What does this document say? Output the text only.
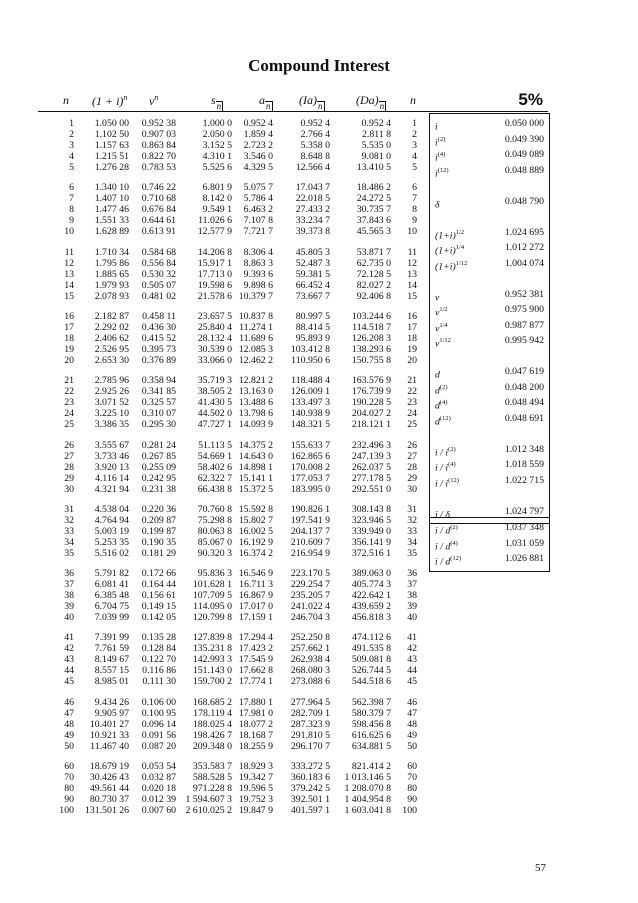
Compound Interest
n $(1 + i)^n$ $v^n$	sn	an (Ia)n	(Da)n n	5%
1 1.050 00 0.952 38	1.000 0 0.952 4	0.952 4	0.952 4 1
2 1.102 50 0.907 03	2.050 0 1.859 4	2.766 4	2.811 8 2
3 1.157 63 0.863 84	3.152 5 2.723 2	5.358 0	5.535 0 3
4 1.215 51 0.822 70	4.310 1 3.546 0	8.648 8	9.081 0 4
5 1.276 28 0.783 53	5.525 6 4.329 5 12.566 4	13.410 5 5
6 1.340 10 0.746 22	6.801 9 5.075 7 17.043 7	18.486 2 6
7 1.407 10 0.710 68	8.142 0 5.786 4 22.018 5	24.272 5 7
8 1.477 46 0.676 84	9.549 1 6.463 2 27.433 2	30.735 7 8
9 1.551 33 0.644 61 11.026 6 7.107 8 33.234 7	37.843 6 9
10 1.628 89 0.613 91 12.577 9 7.721 7 39.373 8	45.565 3 10
11 1.710 34 0.584 68 14.206 8 8.306 4 45.805 3	53.871 7 11
12 1.795 86 0.556 84 15.917 1 8.863 3 52.487 3	62.735 0 12
13 1.885 65 0.530 32 17.713 0 9.393 6 59.381 5	72.128 5 13
14 1.979 93 0.505 07 19.598 6 9.898 6 66.452 4	82.027 2 14
15 2.078 93 0.481 02 21.578 6 10.379 7 73.667 7	92.406 8 15
16 2.182 87 0.458 11 23.657 5 10.837 8 80.997 5 103.244 6 16
17 2.292 02 0.436 30 25.840 4 11.274 1 88.414 5 114.518 7 17
18 2.406 62 0.415 52 28.132 4 11.689 6 95.893 9 126.208 3 18
19 2.526 95 0.395 73 30.539 0 12.085 3 103.412 8 138.293 6 19
20 2.653 30 0.376 89 33.066 0 12.462 2 110.950 6 150.755 8 20
21 2.785 96 0.358 94 35.719 3 12.821 2 118.488 4 163.576 9 21
22 2.925 26 0.341 85 38.505 2 13.163 0 126.009 1 176.739 9 22
23 3.071 52 0.325 57 41.430 5 13.488 6 133.497 3 190.228 5 23
24 3.225 10 0.310 07 44.502 0 13.798 6 140.938 9 204.027 2 24
25 3.386 35 0.295 30 47.727 1 14.093 9 148.321 5 218.121 1 25
26 3.555 67 0.281 24 51.113 5 14.375 2 155.633 7 232.496 3 26
27 3.733 46 0.267 85 54.669 1 14.643 0 162.865 6 247.139 3 27
28 3.920 13 0.255 09 58.402 6 14.898 1 170.008 2 262.037 5 28
29 4.116 14 0.242 95 62.322 7 15.141 1 177.053 7 277.178 5 29
30 4.321 94 0.231 38 66.438 8 15.372 5 183.995 0 292.551 0 30
31 4.538 04 0.220 36 70.760 8 15.592 8 190.826 1 308.143 8 31
32 4.764 94 0.209 87 75.298 8 15.802 7 197.541 9 323.946 5 32
33 5.003 19 0.199 87 80.063 8 16.002 5 204.137 7 339.949 0 33
34 5.253 35 0.190 35 85.067 0 16.192 9 210.609 7 356.141 9 34
35 5.516 02 0.181 29 90.320 3 16.374 2 216.954 9 372.516 1 35
36 5.791 82 0.172 66 95.836 3 16.546 9 223.170 5 389.063 0 36
37 6.081 41 0.164 44 101.628 1 16.711 3 229.254 7 405.774 3 37
38 6.385 48 0.156 61 107.709 5 16.867 9 235.205 7 422.642 1 38
39 6.704 75 0.149 15 114.095 0 17.017 0 241.022 4 439.659 2 39
40 7.039 99 0.142 05 120.799 8 17.159 1 246.704 3 456.818 3 40
41 7.391 99 0.135 28 127.839 8 17.294 4 252.250 8 474.112 6 41
42 7.761 59 0.128 84 135.231 8 17.423 2 257.662 1 491.535 8 42
43 8.149 67 0.122 70 142.993 3 17.545 9 262.938 4 509.081 8 43
44 8.557 15 0.116 86 151.143 0 17.662 8 268.080 3 526.744 5 44
45 8.985 01 0.111 30 159.700 2 17.774 1 273.088 6 544.518 6 45
46 9.434 26 0.106 00 168.685 2 17.880 1 277.964 5 562.398 7 46
47 9.905 97 0.100 95 178.119 4 17.981 0 282.709 1 580.379 7 47
48 10.401 27 0.096 14 188.025 4 18.077 2 287.323 9 598.456 8 48
49 10.921 33 0.091 56 198.426 7 18.168 7 291.810 5 616.625 6 49
50 11.467 40 0.087 20 209.348 0 18.255 9 296.170 7 634.881 5 50
60 18.679 19 0.053 54 353.583 7 18.929 3 333.272 5 821.414 2 60
70 30.426 43 0.032 87 588.528 5 19.342 7 360.183 6 1 013.146 5 70
80 49.561 44 0.020 18 971.228 8 19.596 5 379.242 5 1 208.070 8 80
90 80.730 37 0.012 39 1 594.607 3 19.752 3 392.501 1 1 404.954 8 90
100 131.501 26 0.007 60 2 610.025 2 19.847 9 401.597 1 1 603.041 8 100
i	0.050 000
$i^{(2)}$	0.049 390
$i^{(4)}$	0.049 089
$i^{(12)}$	0.048 889
δ	0.048 790
$(1+i)^{1/2}$	1.024 695
$(1+i)^{1/4}$	1.012 272
$(1+i)^{1/12}$	1.004 074
v	0.952 381
$v^{1/2}$	0.975 900
$v^{1/4}$	0.987 877
$v^{1/12}$	0.995 942
d	0.047 619
$d^{(2)}$	0.048 200
$d^{(4)}$	0.048 494
$d^{(12)}$	0.048 691
i / $i^{(2)}$	1.012 348
i / $i^{(4)}$	1.018 559
i / $i^{(12)}$	1.022 715
i / δ	1.024 797
i / $d^{(2)}$	1.037 348
i / $d^{(4)}$	1.031 059
i / $d^{(12)}$	1.026 881
57
